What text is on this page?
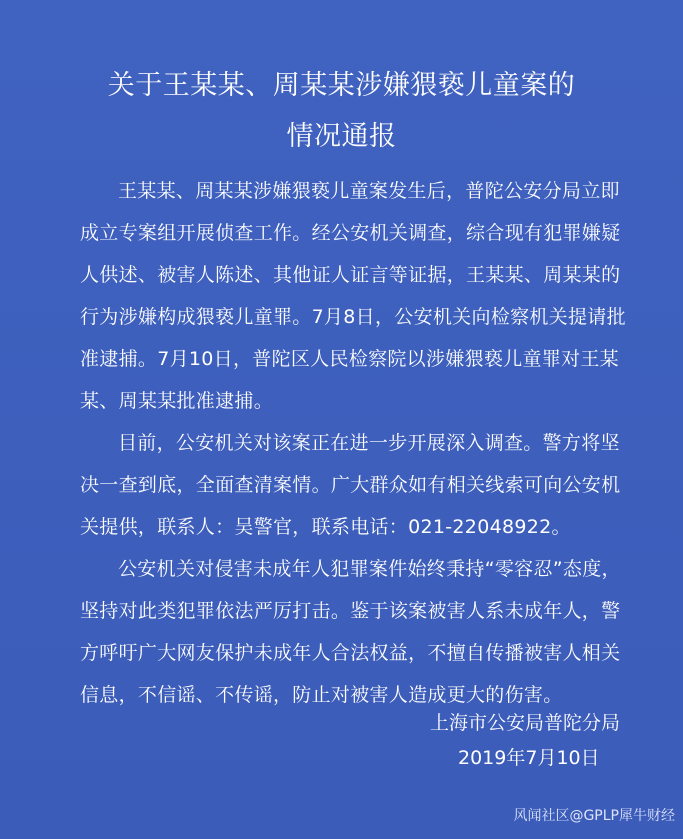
关于王某某、周某某涉嫌猥亵儿童案的
情况通报
王某某、周某某涉嫌猥亵儿童案发生后，普陀公安分局立即
成立专案组开展侦查工作。经公安机关调查，综合现有犯罪嫌疑
人供述、被害人陈述、其他证人证言等证据，王某某、周某某的
行为涉嫌构成猥亵儿童罪。7月8日，公安机关向检察机关提请批
准逮捕。7月10日，普陀区人民检察院以涉嫌猥亵儿童罪对王某
某、周某某批准逮捕。
目前，公安机关对该案正在进一步开展深入调查。警方将坚
决一查到底，全面查清案情。广大群众如有相关线索可向公安机
关提供，联系人：吴警官，联系电话：021-22048922。
公安机关对侵害未成年人犯罪案件始终秉持“零容忍”态度，
坚持对此类犯罪依法严厉打击。鉴于该案被害人系未成年人，警
方呼吁广大网友保护未成年人合法权益，不擅自传播被害人相关
信息，不信谣、不传谣，防止对被害人造成更大的伤害。
上海市公安局普陀分局
2019年7月10日
风闻社区@GPLP犀牛财经
